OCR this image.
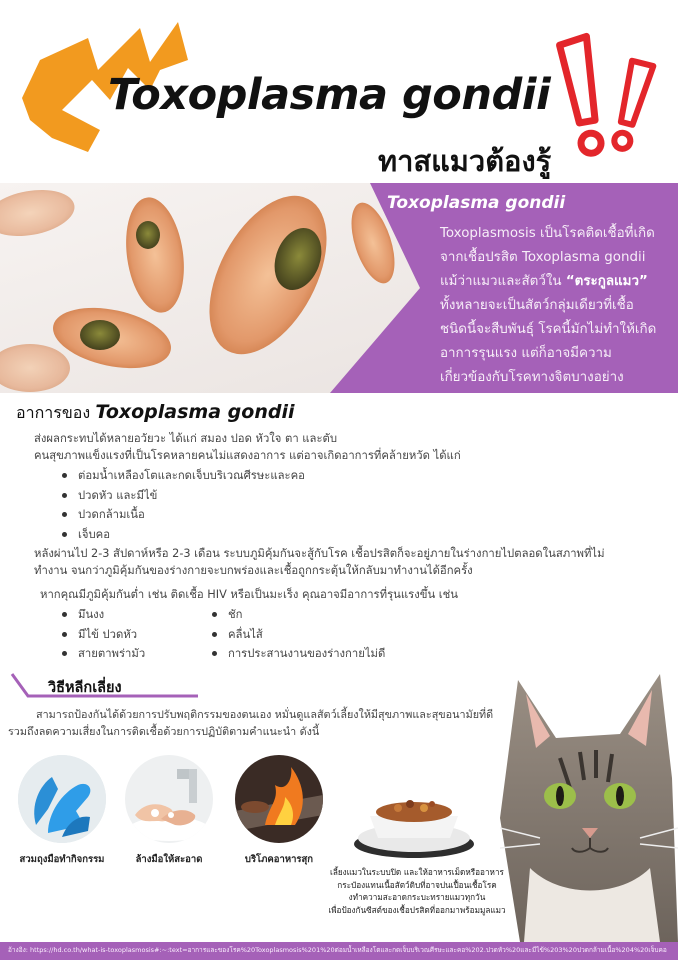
Toxoplasma gondii
ทาสแมวต้องรู้
Toxoplasma gondii
Toxoplasmosis เป็นโรคติดเชื้อที่เกิด
จากเชื้อปรสิต Toxoplasma gondii
แม้ว่าแมวและสัตว์ใน “ตระกูลแมว”
ทั้งหลายจะเป็นสัตว์กลุ่มเดียวที่เชื้อ
ชนิดนี้จะสืบพันธุ์ โรคนี้มักไม่ทำให้เกิด
อาการรุนแรง แต่ก็อาจมีความ
เกี่ยวข้องกับโรคทางจิตบางอย่าง
อาการของ Toxoplasma gondii
ส่งผลกระทบได้หลายอวัยวะ ได้แก่ สมอง ปอด หัวใจ ตา และตับ
คนสุขภาพแข็งแรงที่เป็นโรคหลายคนไม่แสดงอาการ แต่อาจเกิดอาการที่คล้ายหวัด ได้แก่
ต่อมน้ำเหลืองโตและกดเจ็บบริเวณศีรษะและคอ
ปวดหัว และมีไข้
ปวดกล้ามเนื้อ
เจ็บคอ
หลังผ่านไป 2-3 สัปดาห์หรือ 2-3 เดือน ระบบภูมิคุ้มกันจะสู้กับโรค เชื้อปรสิตก็จะอยู่ภายในร่างกายไปตลอดในสภาพที่ไม่
ทำงาน จนกว่าภูมิคุ้มกันของร่างกายจะบกพร่องและเชื้อถูกกระตุ้นให้กลับมาทำงานได้อีกครั้ง
หากคุณมีภูมิคุ้มกันต่ำ เช่น ติดเชื้อ HIV หรือเป็นมะเร็ง คุณอาจมีอาการที่รุนแรงขึ้น เช่น
มึนงง
มีไข้ ปวดหัว
สายตาพร่ามัว
ชัก
คลื่นไส้
การประสานงานของร่างกายไม่ดี
วิธีหลีกเลี่ยง
สามารถป้องกันได้ด้วยการปรับพฤติกรรมของตนเอง หมั่นดูแลสัตว์เลี้ยงให้มีสุขภาพและสุขอนามัยที่ดี
รวมถึงลดความเสี่ยงในการติดเชื้อด้วยการปฏิบัติตามคำแนะนำ ดังนี้
สวมถุงมือทำกิจกรรม	ล้างมือให้สะอาด	บริโภคอาหารสุก
เลี้ยงแมวในระบบปิด และให้อาหารเม็ดหรืออาหาร
กระป๋องแทนเนื้อสัตว์ดิบที่อาจปนเปื้อนเชื้อโรค
งทำความสะอาดกระบะทรายแมวทุกวัน
เพื่อป้องกันซีสต์ของเชื้อปรสิตที่ออกมาพร้อมมูลแมว
อ้างอิง: https://hd.co.th/what-is-toxoplasmosis#:~:text=อาการและของโรค%20Toxoplasmosis%201%20ต่อมน้ำเหลืองโตและกดเจ็บบริเวณศีรษะและคอ%202.ปวดหัว%20และมีไข้%203%20ปวดกล้ามเนื้อ%204%20เจ็บคอ
